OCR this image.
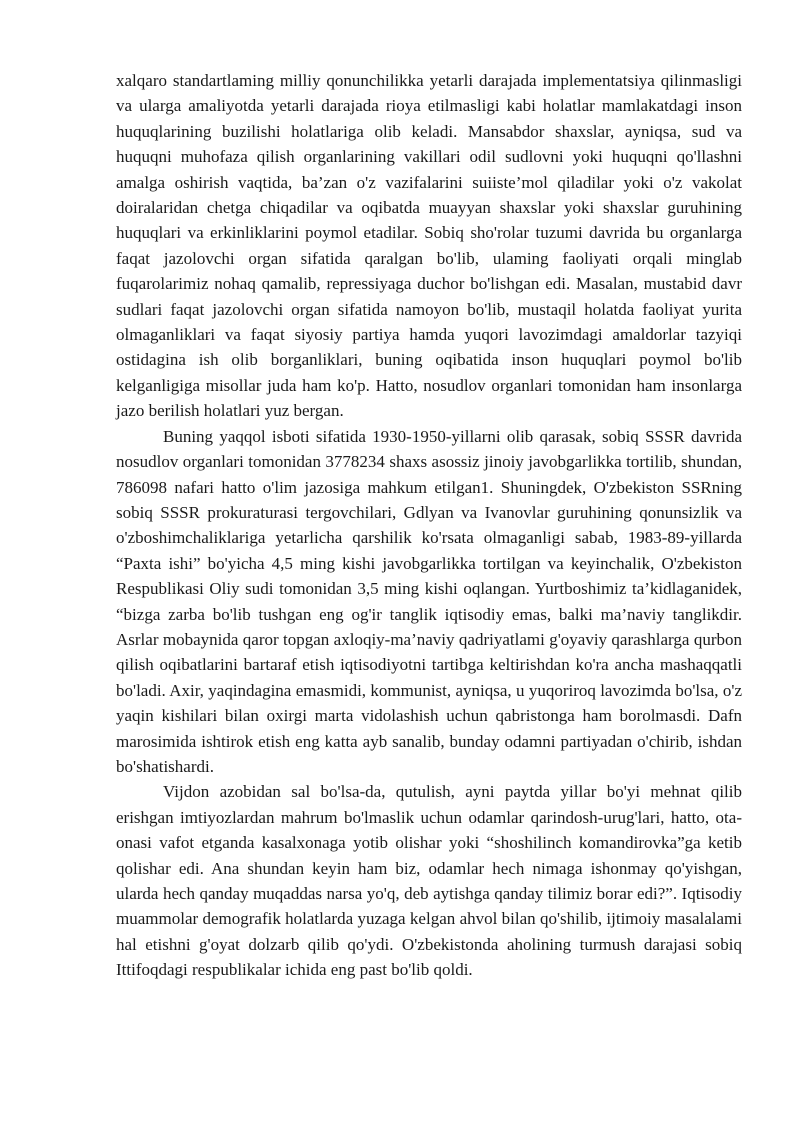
xalqaro standartlaming milliy qonunchilikka yetarli darajada implementatsiya qilinmasligi va ularga amaliyotda yetarli darajada rioya etilmasligi kabi holatlar mamlakatdagi inson huquqlarining buzilishi holatlariga olib keladi. Mansabdor shaxslar, ayniqsa, sud va huquqni muhofaza qilish organlarining vakillari odil sudlovni yoki huquqni qo'llashni amalga oshirish vaqtida, ba’zan o'z vazifalarini suiiste’mol qiladilar yoki o'z vakolat doiralaridan chetga chiqadilar va oqibatda muayyan shaxslar yoki shaxslar guruhining huquqlari va erkinliklarini poymol etadilar. Sobiq sho'rolar tuzumi davrida bu organlarga faqat jazolovchi organ sifatida qaralgan bo'lib, ulaming faoliyati orqali minglab fuqarolarimiz nohaq qamalib, repressiyaga duchor bo'lishgan edi. Masalan, mustabid davr sudlari faqat jazolovchi organ sifatida namoyon bo'lib, mustaqil holatda faoliyat yurita olmaganliklari va faqat siyosiy partiya hamda yuqori lavozimdagi amaldorlar tazyiqi ostidagina ish olib borganliklari, buning oqibatida inson huquqlari poymol bo'lib kelganligiga misollar juda ham ko'p. Hatto, nosudlov organlari tomonidan ham insonlarga jazo berilish holatlari yuz bergan.

Buning yaqqol isboti sifatida 1930-1950-yillarni olib qarasak, sobiq SSSR davrida nosudlov organlari tomonidan 3778234 shaxs asossiz jinoiy javobgarlikka tortilib, shundan, 786098 nafari hatto o'lim jazosiga mahkum etilgan1. Shuningdek, O'zbekiston SSRning sobiq SSSR prokuraturasi tergovchilari, Gdlyan va Ivanovlar guruhining qonunsizlik va o'zboshimchaliklariga yetarlicha qarshilik ko'rsata olmaganligi sabab, 1983-89-yillarda “Paxta ishi” bo'yicha 4,5 ming kishi javobgarlikka tortilgan va keyinchalik, O'zbekiston Respublikasi Oliy sudi tomonidan 3,5 ming kishi oqlangan. Yurtboshimiz ta’kidlaganidek, “bizga zarba bo'lib tushgan eng og'ir tanglik iqtisodiy emas, balki ma’naviy tanglikdir. Asrlar mobaynida qaror topgan axloqiy-ma’naviy qadriyatlami g'oyaviy qarashlarga qurbon qilish oqibatlarini bartaraf etish iqtisodiyotni tartibga keltirishdan ko'ra ancha mashaqqatli bo'ladi. Axir, yaqindagina emasmidi, kommunist, ayniqsa, u yuqoriroq lavozimda bo'lsa, o'z yaqin kishilari bilan oxirgi marta vidolashish uchun qabristonga ham borolmasdi. Dafn marosimida ishtirok etish eng katta ayb sanalib, bunday odamni partiyadan o'chirib, ishdan bo'shatishardi.

Vijdon azobidan sal bo'lsa-da, qutulish, ayni paytda yillar bo'yi mehnat qilib erishgan imtiyozlardan mahrum bo'lmaslik uchun odamlar qarindosh-urug'lari, hatto, ota-onasi vafot etganda kasalxonaga yotib olishar yoki “shoshilinch komandirovka”ga ketib qolishar edi. Ana shundan keyin ham biz, odamlar hech nimaga ishonmay qo'yishgan, ularda hech qanday muqaddas narsa yo'q, deb aytishga qanday tilimiz borar edi?”. Iqtisodiy muammolar demografik holatlarda yuzaga kelgan ahvol bilan qo'shilib, ijtimoiy masalalami hal etishni g'oyat dolzarb qilib qo'ydi. O'zbekistonda aholining turmush darajasi sobiq Ittifoqdagi respublikalar ichida eng past bo'lib qoldi.
